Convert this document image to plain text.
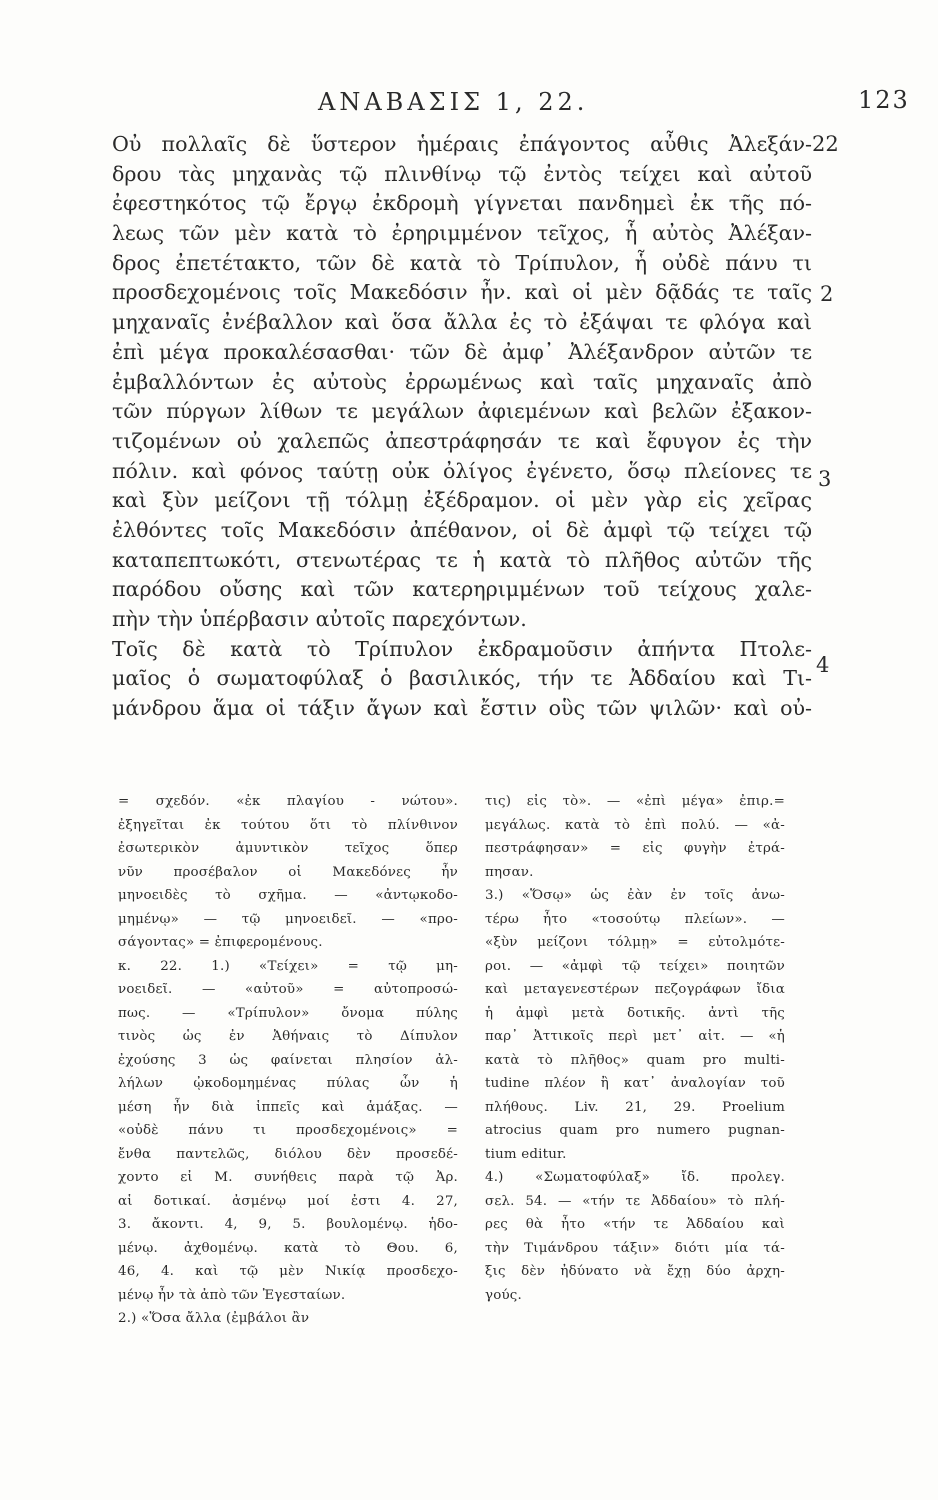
ΑΝΑΒΑΣΙΣ 1, 22.	123
Οὐ πολλαῖς δὲ ὕστερον ἡμέραις ἐπάγοντος αὖθις Ἀλεξάν-
δρου τὰς μηχανὰς τῷ πλινθίνῳ τῷ ἐντὸς τείχει καὶ αὐτοῦ
ἐφεστηκότος τῷ ἔργῳ ἐκδρομὴ γίγνεται πανδημεὶ ἐκ τῆς πό-
λεως τῶν μὲν κατὰ τὸ ἐρηριμμένον τεῖχος, ἧ αὐτὸς Ἀλέξαν-
δρος ἐπετέτακτο, τῶν δὲ κατὰ τὸ Τρίπυλον, ἧ οὐδὲ πάνυ τι
προσδεχομένοις τοῖς Μακεδόσιν ἦν. καὶ οἱ μὲν δᾷδάς τε ταῖς
μηχαναῖς ἐνέβαλλον καὶ ὅσα ἄλλα ἐς τὸ ἐξάψαι τε φλόγα καὶ
ἐπὶ μέγα προκαλέσασθαι· τῶν δὲ ἀμφ᾽ Ἀλέξανδρον αὐτῶν τε
ἐμβαλλόντων ἐς αὐτοὺς ἐρρωμένως καὶ ταῖς μηχαναῖς ἀπὸ
τῶν πύργων λίθων τε μεγάλων ἀφιεμένων καὶ βελῶν ἐξακον-
τιζομένων οὐ χαλεπῶς ἀπεστράφησάν τε καὶ ἔφυγον ἐς τὴν
πόλιν. καὶ φόνος ταύτῃ οὐκ ὀλίγος ἐγένετο, ὅσῳ πλείονες τε
καὶ ξὺν μείζονι τῇ τόλμῃ ἐξέδραμον. οἱ μὲν γὰρ εἰς χεῖρας
ἐλθόντες τοῖς Μακεδόσιν ἀπέθανον, οἱ δὲ ἀμφὶ τῷ τείχει τῷ
καταπεπτωκότι, στενωτέρας τε ἡ κατὰ τὸ πλῆθος αὐτῶν τῆς
παρόδου οὔσης καὶ τῶν κατερηριμμένων τοῦ τείχους χαλε-
πὴν τὴν ὑπέρβασιν αὐτοῖς παρεχόντων.
Τοῖς δὲ κατὰ τὸ Τρίπυλον ἐκδραμοῦσιν ἀπήντα Πτολε-
μαῖος ὁ σωματοφύλαξ ὁ βασιλικός, τήν τε Ἀδδαίου καὶ Τι-
μάνδρου ἅμα οἱ τάξιν ἄγων καὶ ἔστιν οὓς τῶν ψιλῶν· καὶ οὐ-
22
2
3
4
= σχεδόν. «ἐκ πλαγίου - νώτου».
ἐξηγεῖται ἐκ τούτου ὅτι τὸ πλίνθινον
ἐσωτερικὸν ἀμυντικὸν τεῖχος ὅπερ
νῦν προσέβαλον οἱ Μακεδόνες ἦν
μηνοειδὲς τὸ σχῆμα. — «ἀντῳκοδο-
μημένῳ» — τῷ μηνοειδεῖ. — «προ-
σάγοντας» = ἐπιφερομένους.
κ. 22. 1.) «Τείχει» = τῷ μη-
νοειδεῖ. — «αὐτοῦ» = αὐτοπροσώ-
πως. — «Τρίπυλον» ὄνομα πύλης
τινὸς ὡς ἐν Ἀθήναις τὸ Δίπυλον
ἐχούσης 3 ὡς φαίνεται πλησίον ἀλ-
λήλων ᾠκοδομημένας πύλας ὧν ἡ
μέση ἦν διὰ ἱππεῖς καὶ ἁμάξας. —
«οὐδὲ πάνυ τι προσδεχομένοις» =
ἔνθα παντελῶς, διόλου δὲν προσεδέ-
χοντο εἰ Μ. συνήθεις παρὰ τῷ Ἀρ.
αἱ δοτικαί. ἀσμένῳ μοί ἐστι 4. 27,
3. ἄκοντι. 4, 9, 5. βουλομένῳ. ἡδο-
μένῳ. ἀχθομένῳ. κατὰ τὸ Θου. 6,
46, 4. καὶ τῷ μὲν Νικίᾳ προσδεχο-
μένῳ ἦν τὰ ἀπὸ τῶν Ἐγεσταίων.
2.) «Ὅσα ἄλλα (ἐμβάλοι ἂν
τις) εἰς τὸ». — «ἐπὶ μέγα» ἐπιρ.=
μεγάλως. κατὰ τὸ ἐπὶ πολύ. — «ἀ-
πεστράφησαν» = εἰς φυγὴν ἐτρά-
πησαν.
3.) «Ὅσῳ» ὡς ἐὰν ἐν τοῖς ἀνω-
τέρω ἦτο «τοσούτῳ πλείων». —
«ξὺν μείζονι τόλμῃ» = εὐτολμότε-
ροι. — «ἀμφὶ τῷ τείχει» ποιητῶν
καὶ μεταγενεστέρων πεζογράφων ἴδια
ἡ ἀμφὶ μετὰ δοτικῆς. ἀντὶ τῆς
παρ᾽ Ἀττικοῖς περὶ μετ᾽ αἰτ. — «ἡ
κατὰ τὸ πλῆθος» quam pro multi-
tudine πλέον ἢ κατ᾽ ἀναλογίαν τοῦ
πλήθους. Liv. 21, 29. Proelium
atrocius quam pro numero pugnan-
tium editur.
4.) «Σωματοφύλαξ» ἴδ. προλεγ.
σελ. 54. — «τήν τε Ἀδδαίου» τὸ πλή-
ρες θὰ ἦτο «τήν τε Ἀδδαίου καὶ
τὴν Τιμάνδρου τάξιν» διότι μία τά-
ξις δὲν ἠδύνατο νὰ ἔχῃ δύο ἀρχη-
γούς.
